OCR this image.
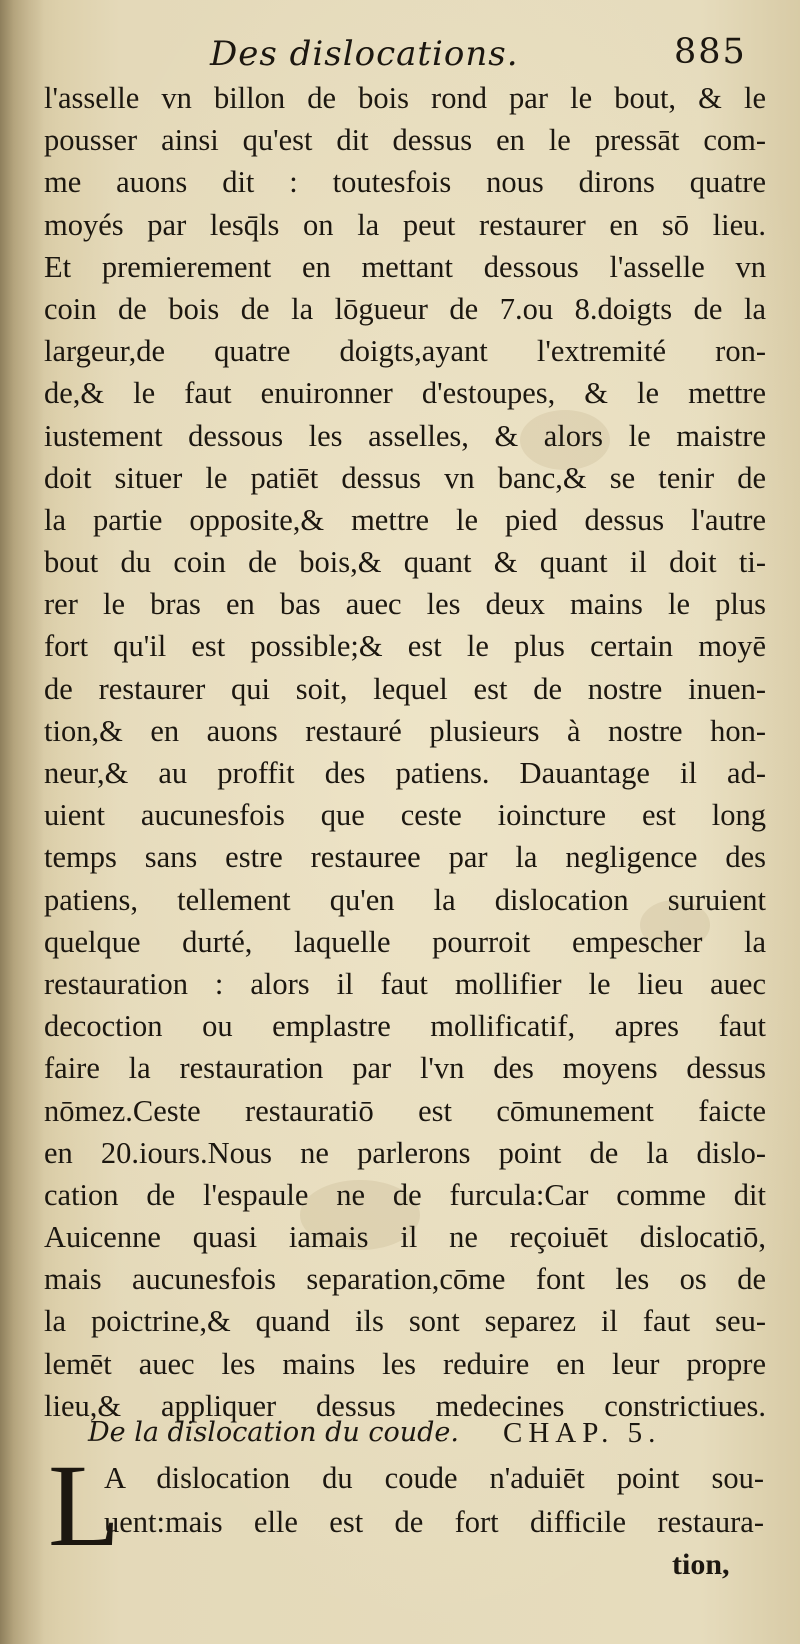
Des dislocations.	885
l'asselle vn billon de bois rond par le bout, & le
pousser ainsi qu'est dit dessus en le pressāt com-
me auons dit : toutesfois nous dirons quatre
moyés par lesq̄ls on la peut restaurer en sō lieu.
Et premierement en mettant dessous l'asselle vn
coin de bois de la lōgueur de 7.ou 8.doigts de la
largeur,de quatre doigts,ayant l'extremité ron-
de,& le faut enuironner d'estoupes, & le mettre
iustement dessous les asselles, & alors le maistre
doit situer le patiēt dessus vn banc,& se tenir de
la partie opposite,& mettre le pied dessus l'autre
bout du coin de bois,& quant & quant il doit ti-
rer le bras en bas auec les deux mains le plus
fort qu'il est possible;& est le plus certain moyē
de restaurer qui soit, lequel est de nostre inuen-
tion,& en auons restauré plusieurs à nostre hon-
neur,& au proffit des patiens. Dauantage il ad-
uient aucunesfois que ceste ioincture est long
temps sans estre restauree par la negligence des
patiens, tellement qu'en la dislocation suruient
quelque durté, laquelle pourroit empescher la
restauration : alors il faut mollifier le lieu auec
decoction ou emplastre mollificatif, apres faut
faire la restauration par l'vn des moyens dessus
nōmez.Ceste restauratiō est cōmunement faicte
en 20.iours.Nous ne parlerons point de la dislo-
cation de l'espaule ne de furcula:Car comme dit
Auicenne quasi iamais il ne reçoiuēt dislocatiō,
mais aucunesfois separation,cōme font les os de
la poictrine,& quand ils sont separez il faut seu-
lemēt auec les mains les reduire en leur propre
lieu,& appliquer dessus medecines constrictiues.
De la dislocation du coude. CHAP. 5.
L
A dislocation du coude n'aduiēt point sou-
uent:mais elle est de fort difficile restaura-
tion,
